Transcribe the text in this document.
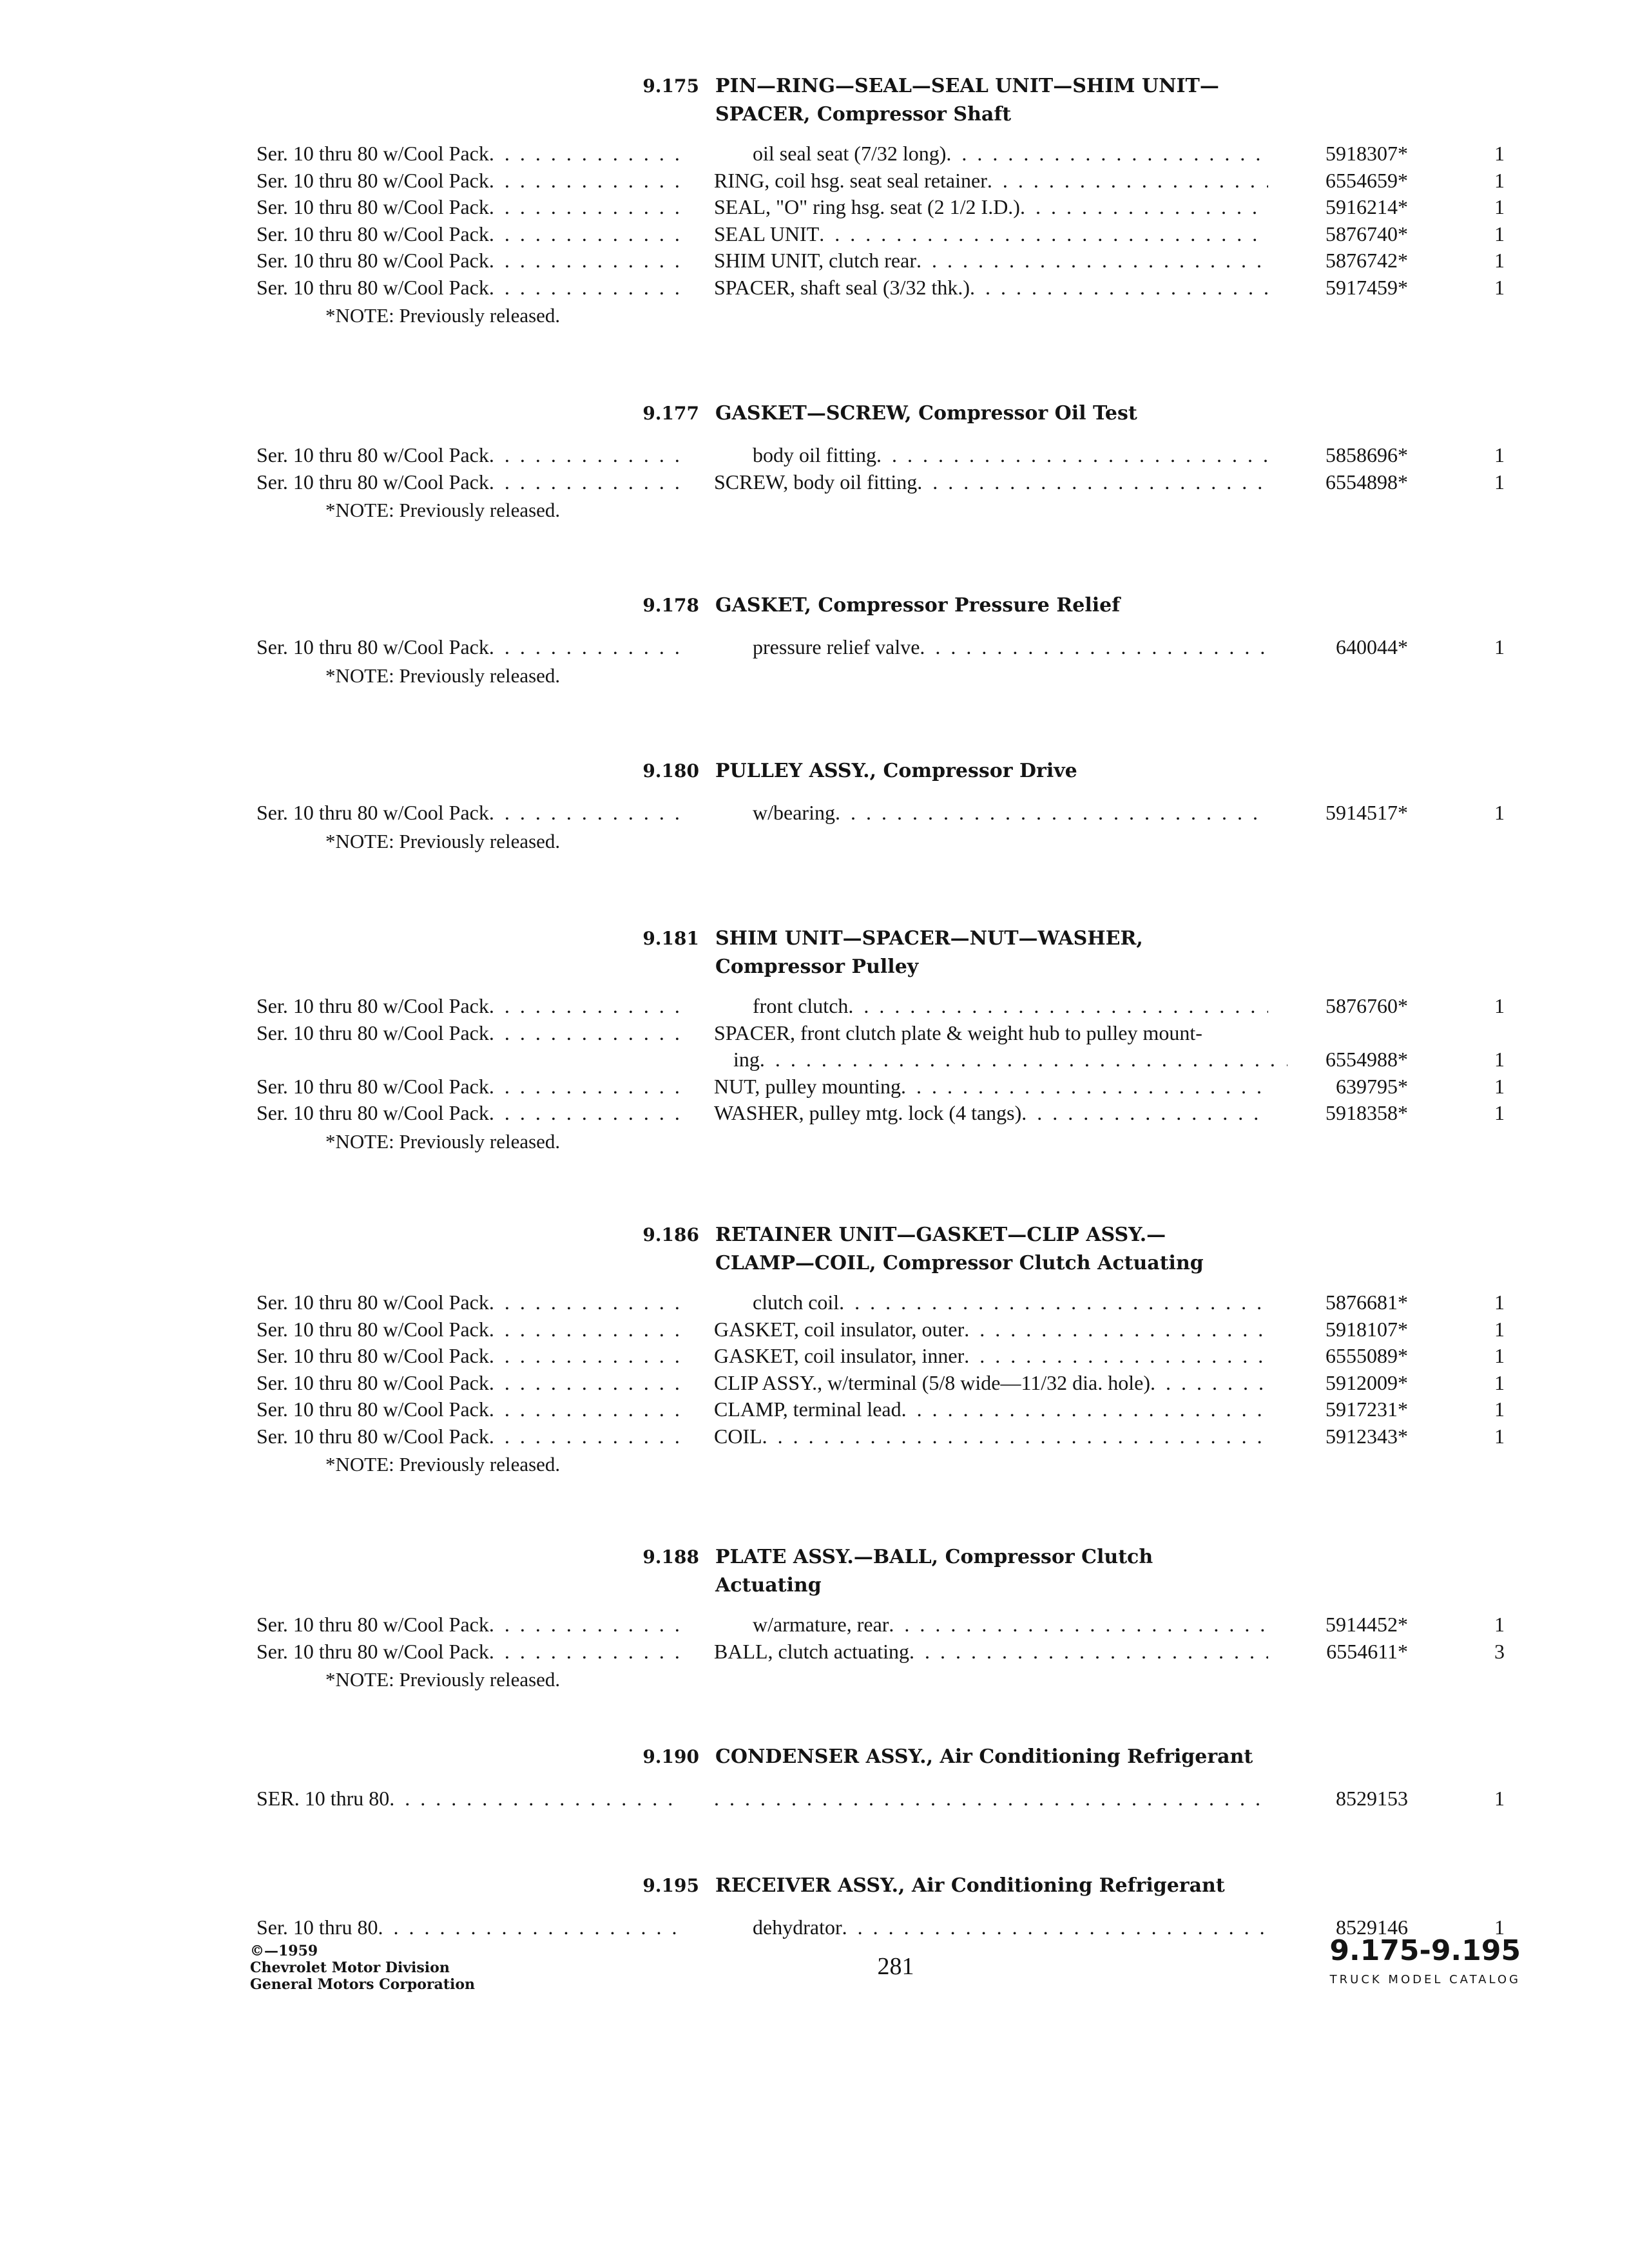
9.175 PIN—RING—SEAL—SEAL UNIT—SHIM UNIT—
SPACER, Compressor Shaft
Ser. 10 thru 80 w/Cool Pack . . .	oil seal seat (7/32 long) . . .	5918307*	1
Ser. 10 thru 80 w/Cool Pack . . .	RING, coil hsg. seat seal retainer . . .	6554659*	1
Ser. 10 thru 80 w/Cool Pack . . .	SEAL, "O" ring hsg. seat (2 1/2 I.D.) . . .	5916214*	1
Ser. 10 thru 80 w/Cool Pack . . .	SEAL UNIT . . .	5876740*	1
Ser. 10 thru 80 w/Cool Pack . . .	SHIM UNIT, clutch rear . . .	5876742*	1
Ser. 10 thru 80 w/Cool Pack . . .	SPACER, shaft seal (3/32 thk.) . . .	5917459*	1
*NOTE: Previously released.
9.177 GASKET—SCREW, Compressor Oil Test
Ser. 10 thru 80 w/Cool Pack . . .	body oil fitting . . .	5858696*	1
Ser. 10 thru 80 w/Cool Pack . . .	SCREW, body oil fitting . . .	6554898*	1
*NOTE: Previously released.
9.178 GASKET, Compressor Pressure Relief
Ser. 10 thru 80 w/Cool Pack . . .	pressure relief valve . . .	640044*	1
*NOTE: Previously released.
9.180 PULLEY ASSY., Compressor Drive
Ser. 10 thru 80 w/Cool Pack . . .	w/bearing . . .	5914517*	1
*NOTE: Previously released.
9.181 SHIM UNIT—SPACER—NUT—WASHER,
Compressor Pulley
Ser. 10 thru 80 w/Cool Pack . . .	front clutch . . .	5876760*	1
Ser. 10 thru 80 w/Cool Pack . . .	SPACER, front clutch plate & weight hub to pulley mount-
ing . . .	6554988*	1
Ser. 10 thru 80 w/Cool Pack . . .	NUT, pulley mounting . . .	639795*	1
Ser. 10 thru 80 w/Cool Pack . . .	WASHER, pulley mtg. lock (4 tangs) . . .	5918358*	1
*NOTE: Previously released.
9.186 RETAINER UNIT—GASKET—CLIP ASSY.—
CLAMP—COIL, Compressor Clutch Actuating
Ser. 10 thru 80 w/Cool Pack . . .	clutch coil . . .	5876681*	1
Ser. 10 thru 80 w/Cool Pack . . .	GASKET, coil insulator, outer . . .	5918107*	1
Ser. 10 thru 80 w/Cool Pack . . .	GASKET, coil insulator, inner . . .	6555089*	1
Ser. 10 thru 80 w/Cool Pack . . .	CLIP ASSY., w/terminal (5/8 wide—11/32 dia. hole) . . .	5912009*	1
Ser. 10 thru 80 w/Cool Pack . . .	CLAMP, terminal lead . . .	5917231*	1
Ser. 10 thru 80 w/Cool Pack . . .	COIL . . .	5912343*	1
*NOTE: Previously released.
9.188 PLATE ASSY.—BALL, Compressor Clutch
Actuating
Ser. 10 thru 80 w/Cool Pack . . .	w/armature, rear . . .	5914452*	1
Ser. 10 thru 80 w/Cool Pack . . .	BALL, clutch actuating . . .	6554611*	3
*NOTE: Previously released.
9.190 CONDENSER ASSY., Air Conditioning Refrigerant
SER. 10 thru 80 . . . . . .	8529153	1
9.195 RECEIVER ASSY., Air Conditioning Refrigerant
Ser. 10 thru 80 . . .	dehydrator . . .	8529146	1
©—1959
Chevrolet Motor Division
General Motors Corporation
281	9.175-9.195
TRUCK MODEL CATALOG
